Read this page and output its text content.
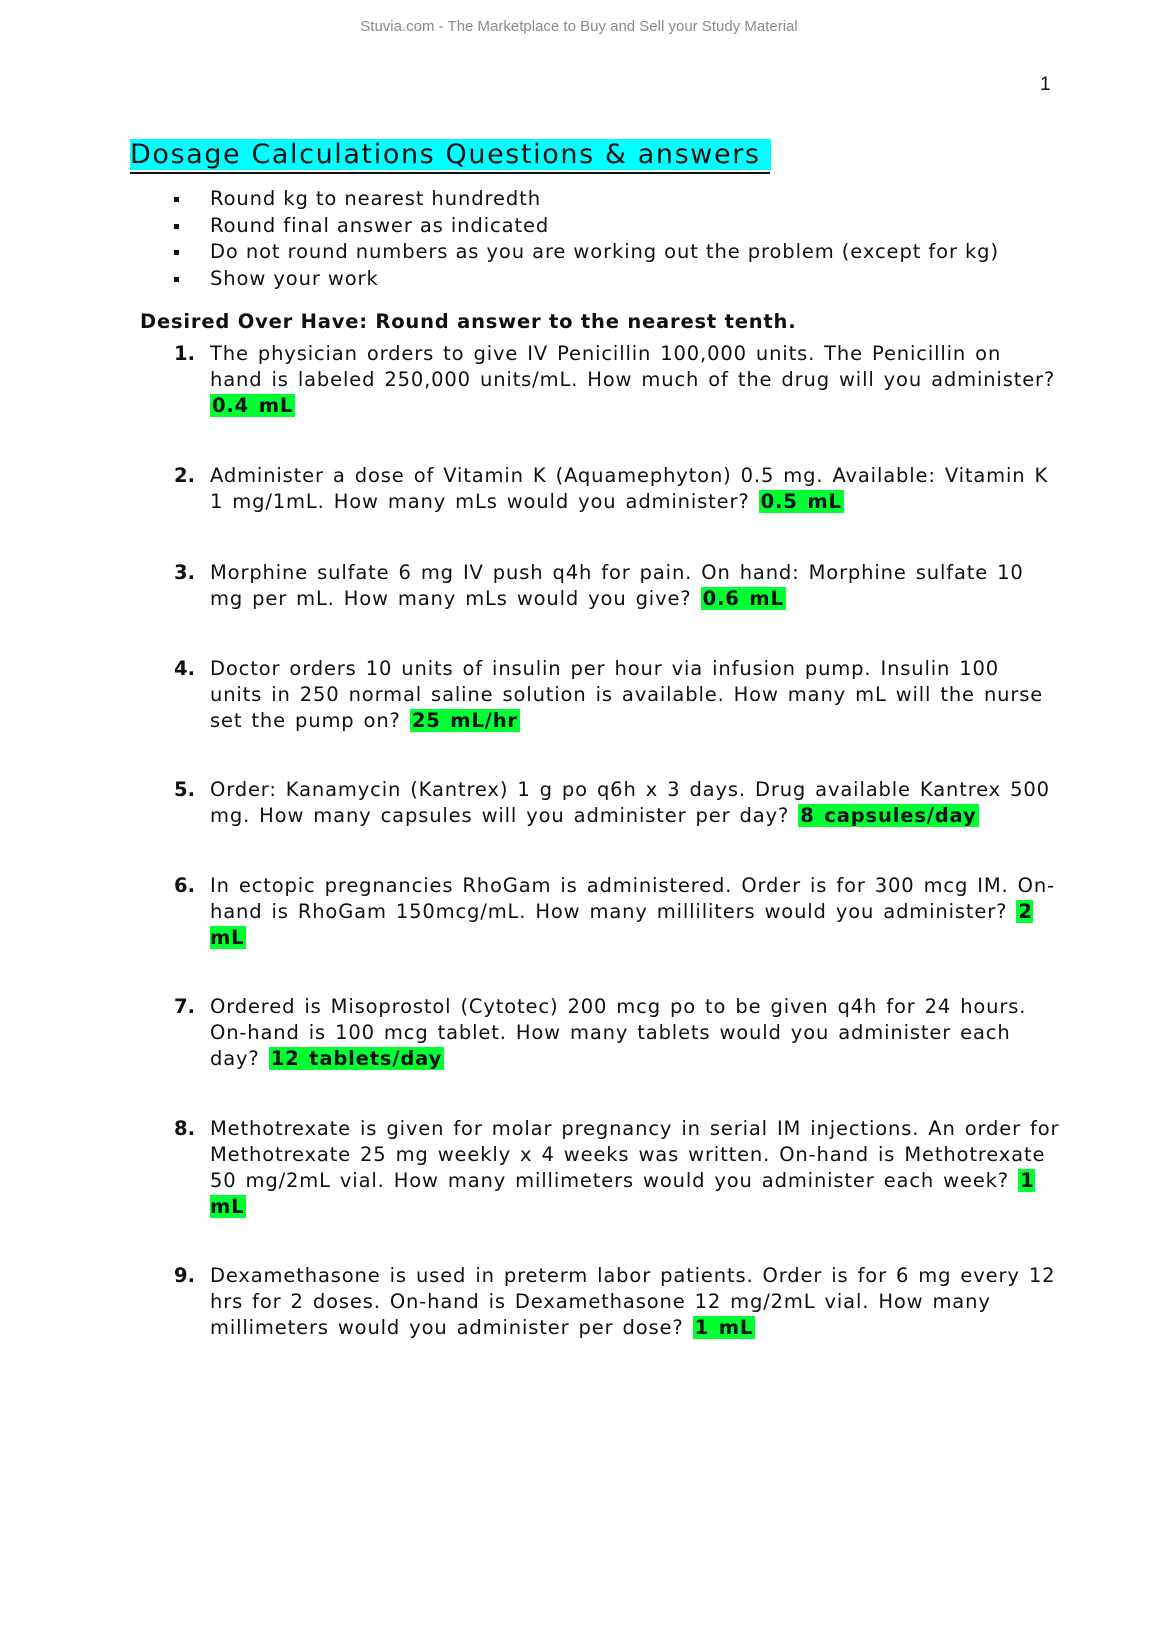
Stuvia.com - The Marketplace to Buy and Sell your Study Material
1
Dosage Calculations Questions & answers
Round kg to nearest hundredth
Round final answer as indicated
Do not round numbers as you are working out the problem (except for kg)
Show your work
Desired Over Have: Round answer to the nearest tenth.
1. The physician orders to give IV Penicillin 100,000 units. The Penicillin on hand is labeled 250,000 units/mL. How much of the drug will you administer? 0.4 mL
2. Administer a dose of Vitamin K (Aquamephyton) 0.5 mg. Available: Vitamin K 1 mg/1mL. How many mLs would you administer? 0.5 mL
3. Morphine sulfate 6 mg IV push q4h for pain. On hand: Morphine sulfate 10 mg per mL. How many mLs would you give? 0.6 mL
4. Doctor orders 10 units of insulin per hour via infusion pump. Insulin 100 units in 250 normal saline solution is available. How many mL will the nurse set the pump on? 25 mL/hr
5. Order: Kanamycin (Kantrex) 1 g po q6h x 3 days. Drug available Kantrex 500 mg. How many capsules will you administer per day? 8 capsules/day
6. In ectopic pregnancies RhoGam is administered. Order is for 300 mcg IM. On- hand is RhoGam 150mcg/mL. How many milliliters would you administer? 2 mL
7. Ordered is Misoprostol (Cytotec) 200 mcg po to be given q4h for 24 hours. On-hand is 100 mcg tablet. How many tablets would you administer each day? 12 tablets/day
8. Methotrexate is given for molar pregnancy in serial IM injections. An order for Methotrexate 25 mg weekly x 4 weeks was written. On-hand is Methotrexate 50 mg/2mL vial. How many millimeters would you administer each week? 1 mL
9. Dexamethasone is used in preterm labor patients. Order is for 6 mg every 12 hrs for 2 doses. On-hand is Dexamethasone 12 mg/2mL vial. How many millimeters would you administer per dose? 1 mL
